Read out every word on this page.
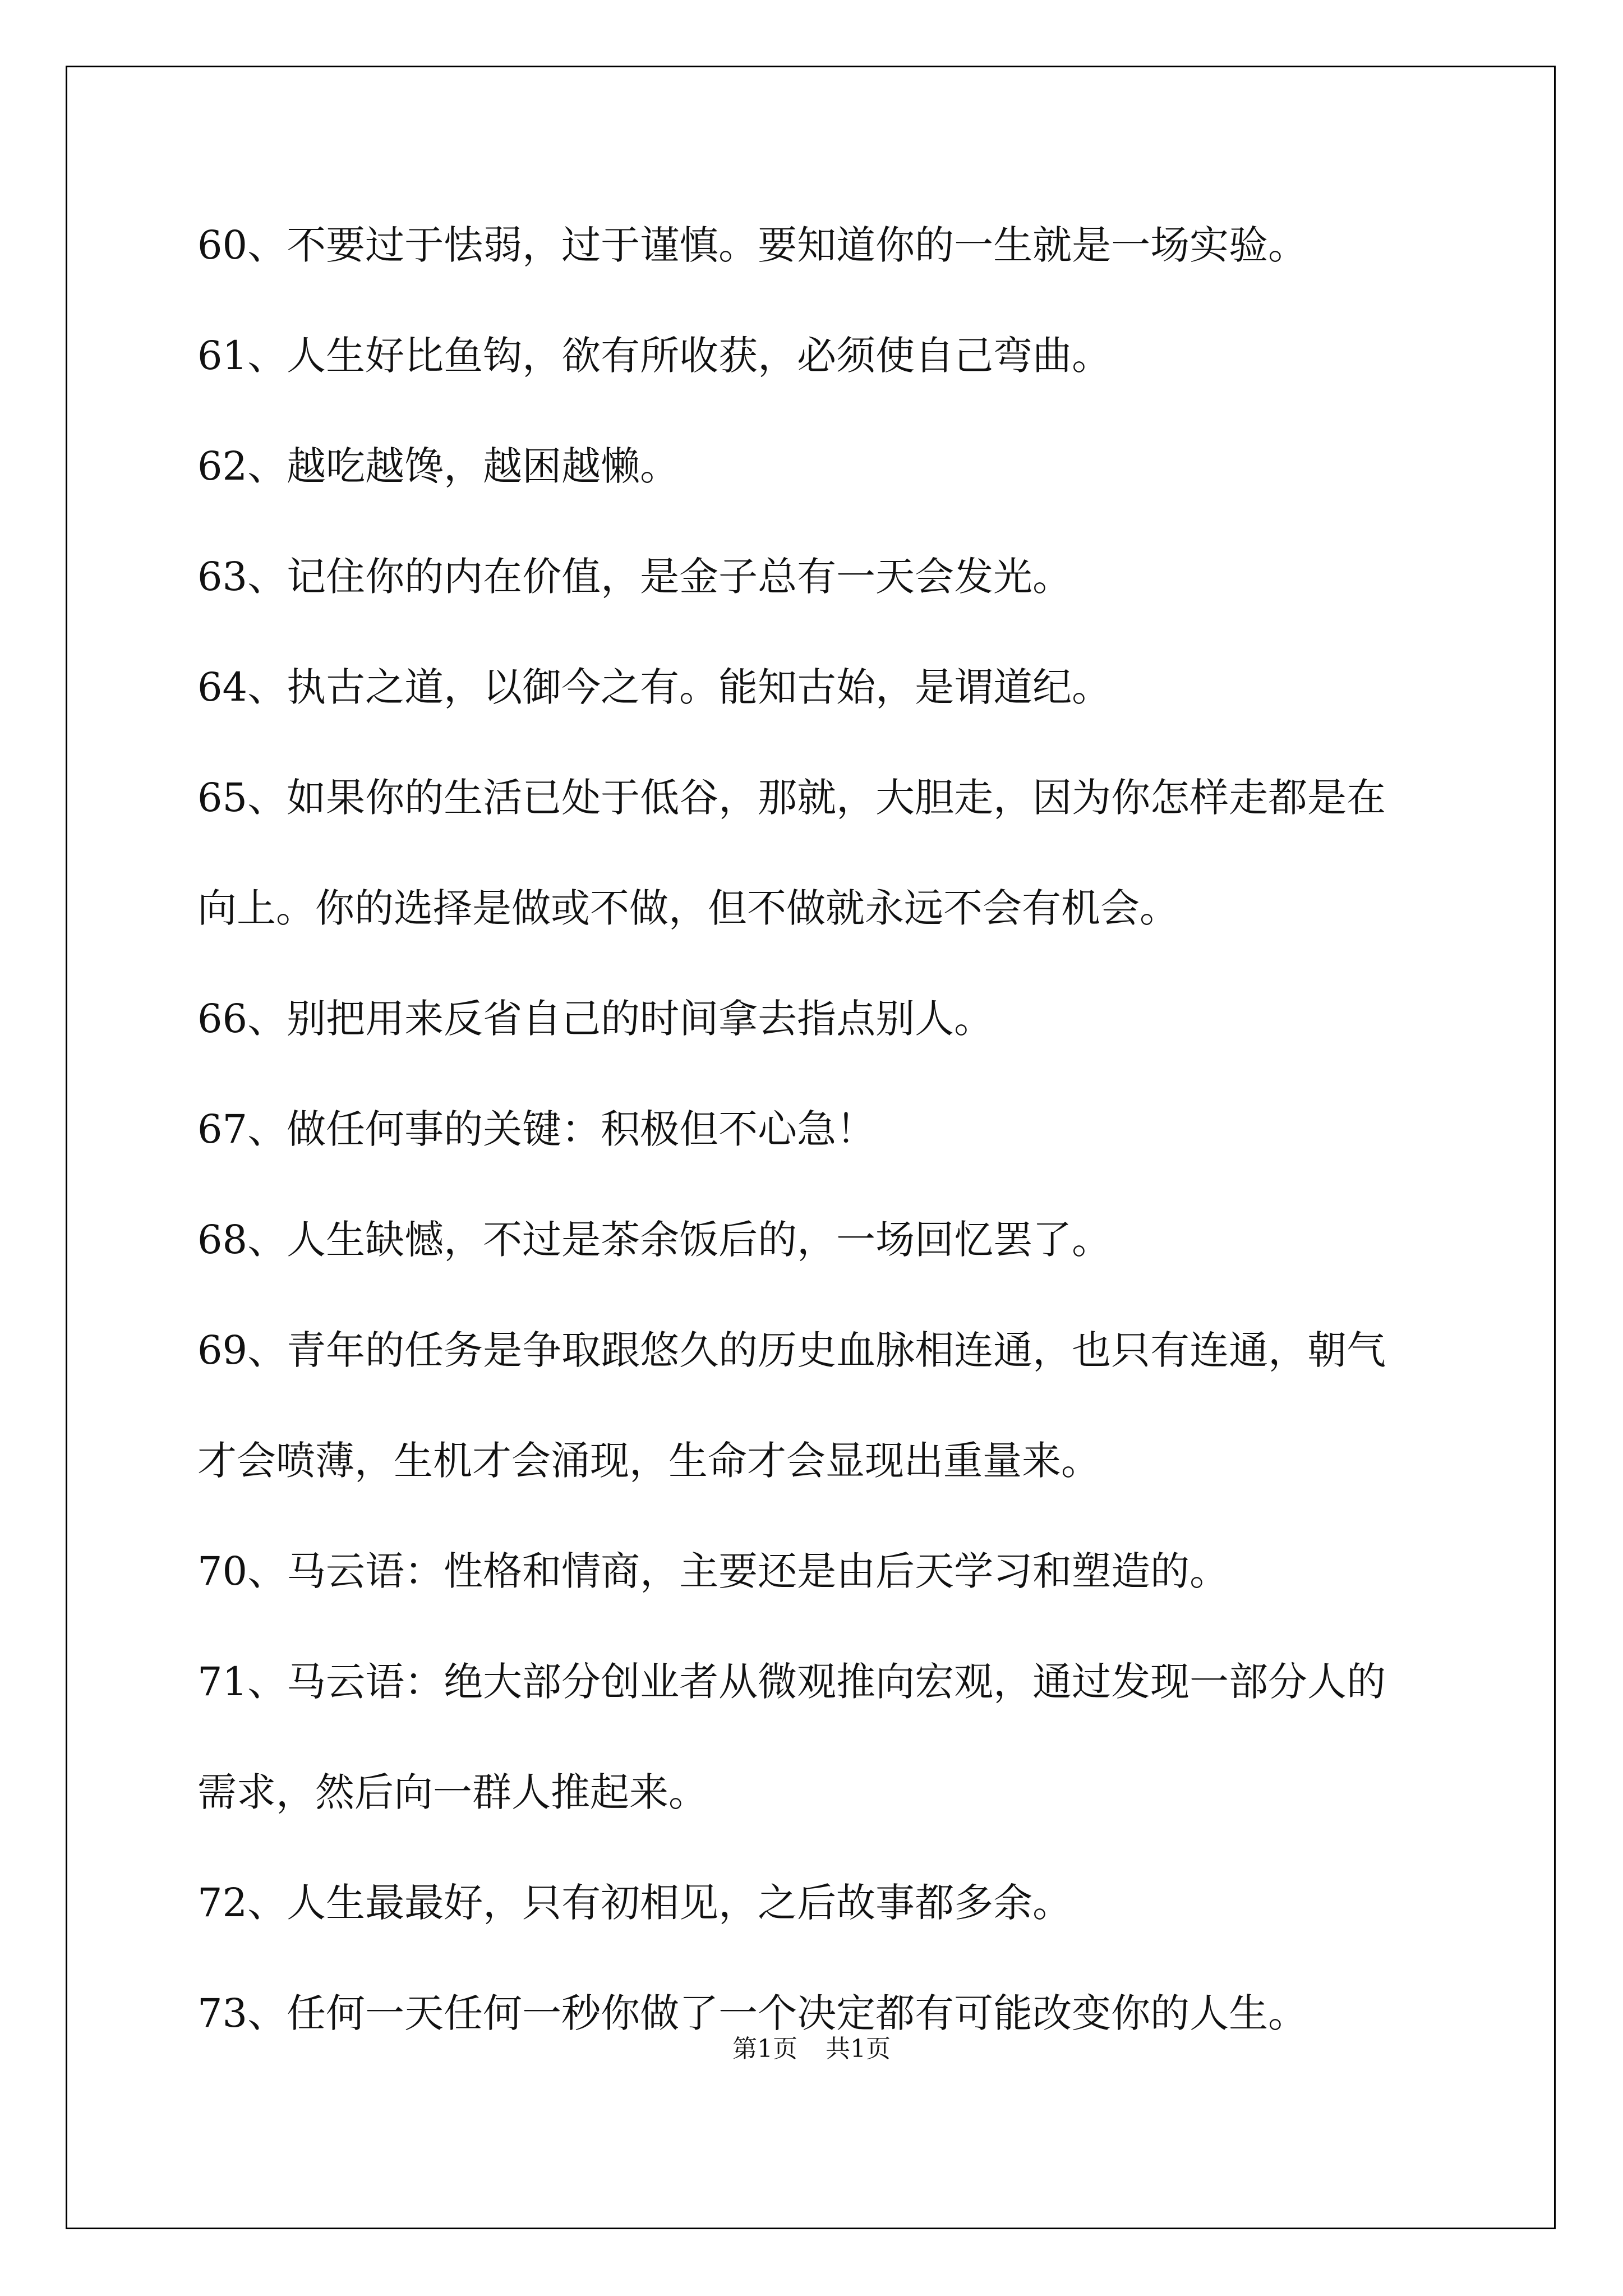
60、不要过于怯弱，过于谨慎。要知道你的一生就是一场实验。
61、人生好比鱼钩，欲有所收获，必须使自己弯曲。
62、越吃越馋，越困越懒。
63、记住你的内在价值，是金子总有一天会发光。
64、执古之道，以御今之有。能知古始，是谓道纪。
65、如果你的生活已处于低谷，那就，大胆走，因为你怎样走都是在
向上。你的选择是做或不做，但不做就永远不会有机会。
66、别把用来反省自己的时间拿去指点别人。
67、做任何事的关键：积极但不心急！
68、人生缺憾，不过是茶余饭后的，一场回忆罢了。
69、青年的任务是争取跟悠久的历史血脉相连通，也只有连通，朝气
才会喷薄，生机才会涌现，生命才会显现出重量来。
70、马云语：性格和情商，主要还是由后天学习和塑造的。
71、马云语：绝大部分创业者从微观推向宏观，通过发现一部分人的
需求，然后向一群人推起来。
72、人生最最好，只有初相见，之后故事都多余。
73、任何一天任何一秒你做了一个决定都有可能改变你的人生。
第1页 共1页
